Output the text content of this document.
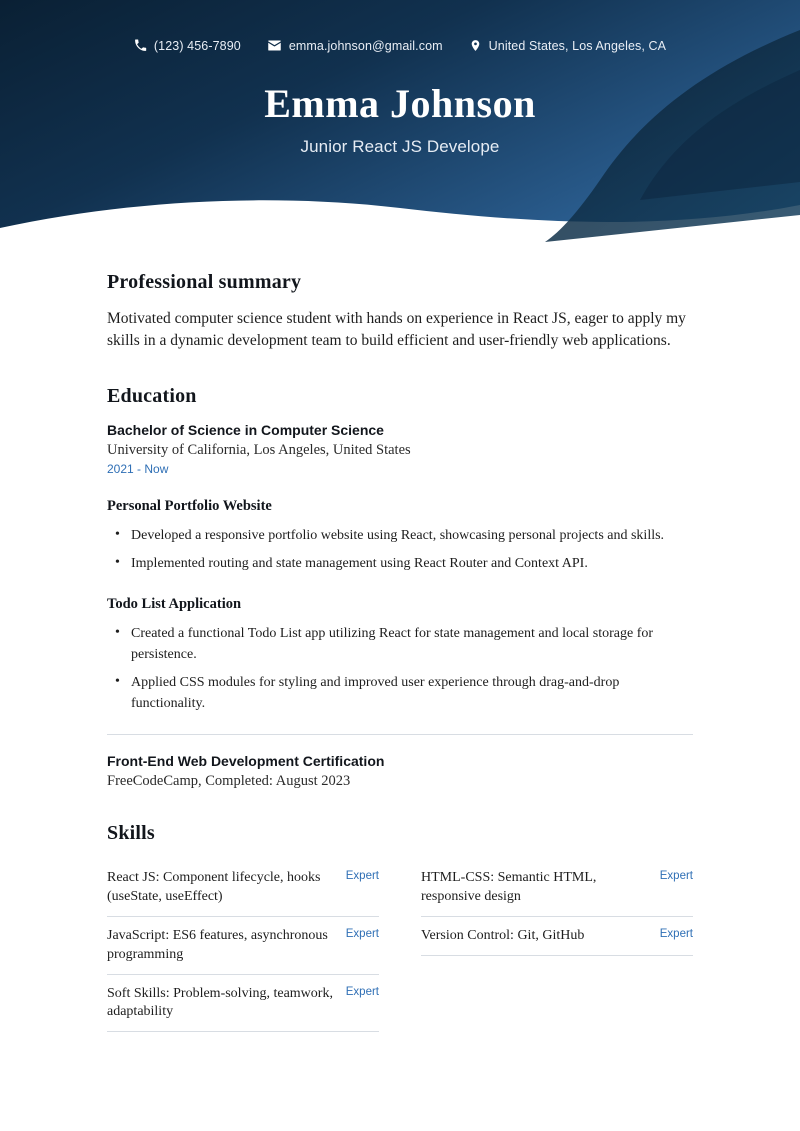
(123) 456-7890	emma.johnson@gmail.com	United States, Los Angeles, CA
Emma Johnson
Junior React JS Develope
Professional summary

Motivated computer science student with hands on experience in React JS, eager to apply my skills in a dynamic development team to build efficient and user-friendly web applications.

Education

Bachelor of Science in Computer Science

University of California, Los Angeles, United States

2021 - Now

Personal Portfolio Website

• Developed a responsive portfolio website using React, showcasing personal projects and skills.
• Implemented routing and state management using React Router and Context API.

Todo List Application

• Created a functional Todo List app utilizing React for state management and local storage for persistence.
• Applied CSS modules for styling and improved user experience through drag-and-drop functionality.

Front-End Web Development Certification

FreeCodeCamp, Completed: August 2023

Skills
React JS: Component lifecycle, hooks (useState, useEffect)
Expert
JavaScript: ES6 features, asynchronous programming
Expert
Soft Skills: Problem-solving, teamwork, adaptability
Expert
HTML-CSS: Semantic HTML, responsive design
Expert
Version Control: Git, GitHub	Expert
